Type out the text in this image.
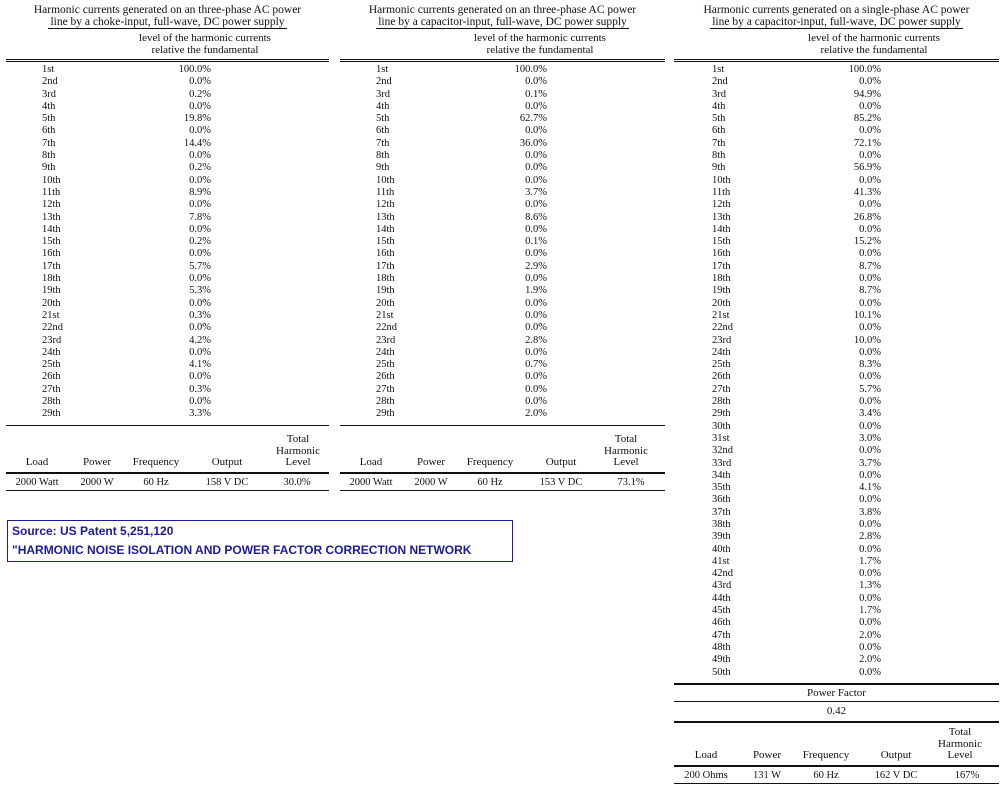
Harmonic currents generated on an three-phase AC power
line by a choke-input, full-wave, DC power supply
level of the harmonic currents
relative the fundamental
1st	100.0%
2nd	0.0%
3rd	0.2%
4th	0.0%
5th	19.8%
6th	0.0%
7th	14.4%
8th	0.0%
9th	0.2%
10th	0.0%
11th	8.9%
12th	0.0%
13th	7.8%
14th	0.0%
15th	0.2%
16th	0.0%
17th	5.7%
18th	0.0%
19th	5.3%
20th	0.0%
21st	0.3%
22nd	0.0%
23rd	4.2%
24th	0.0%
25th	4.1%
26th	0.0%
27th	0.3%
28th	0.0%
29th	3.3%
Load	Power	Frequency	Output
Total Harmonic Level
2000 Watt	2000 W	60 Hz	158 V DC	30.0%
Harmonic currents generated on an three-phase AC power
line by a capacitor-input, full-wave, DC power supply
level of the harmonic currents
relative the fundamental
1st	100.0%
2nd	0.0%
3rd	0.1%
4th	0.0%
5th	62.7%
6th	0.0%
7th	36.0%
8th	0.0%
9th	0.0%
10th	0.0%
11th	3.7%
12th	0.0%
13th	8.6%
14th	0.0%
15th	0.1%
16th	0.0%
17th	2.9%
18th	0.0%
19th	1.9%
20th	0.0%
21st	0.0%
22nd	0.0%
23rd	2.8%
24th	0.0%
25th	0.7%
26th	0.0%
27th	0.0%
28th	0.0%
29th	2.0%
Load	Power	Frequency	Output
Total Harmonic Level
2000 Watt	2000 W	60 Hz	153 V DC	73.1%
Harmonic currents generated on a single-phase AC power
line by a capacitor-input, full-wave, DC power supply
level of the harmonic currents
relative the fundamental
1st	100.0%
2nd	0.0%
3rd	94.9%
4th	0.0%
5th	85.2%
6th	0.0%
7th	72.1%
8th	0.0%
9th	56.9%
10th	0.0%
11th	41.3%
12th	0.0%
13th	26.8%
14th	0.0%
15th	15.2%
16th	0.0%
17th	8.7%
18th	0.0%
19th	8.7%
20th	0.0%
21st	10.1%
22nd	0.0%
23rd	10.0%
24th	0.0%
25th	8.3%
26th	0.0%
27th	5.7%
28th	0.0%
29th	3.4%
30th	0.0%
31st	3.0%
32nd	0.0%
33rd	3.7%
34th	0.0%
35th	4.1%
36th	0.0%
37th	3.8%
38th	0.0%
39th	2.8%
40th	0.0%
41st	1.7%
42nd	0.0%
43rd	1.3%
44th	0.0%
45th	1.7%
46th	0.0%
47th	2.0%
48th	0.0%
49th	2.0%
50th	0.0%
Power Factor
0.42
Load	Power	Frequency	Output
Total Harmonic Level
200 Ohms	131 W	60 Hz	162 V DC	167%
Source: US Patent 5,251,120
"HARMONIC NOISE ISOLATION AND POWER FACTOR CORRECTION NETWORK
